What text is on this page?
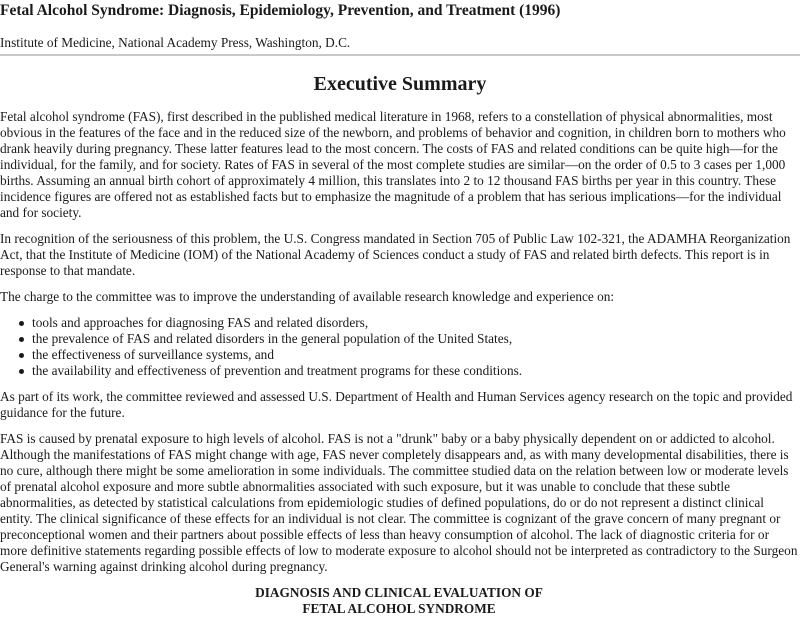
Fetal Alcohol Syndrome: Diagnosis, Epidemiology, Prevention, and Treatment (1996)

Institute of Medicine, National Academy Press, Washington, D.C.

Executive Summary

Fetal alcohol syndrome (FAS), first described in the published medical literature in 1968, refers to a constellation of physical abnormalities, most obvious in the features of the face and in the reduced size of the newborn, and problems of behavior and cognition, in children born to mothers who drank heavily during pregnancy. These latter features lead to the most concern. The costs of FAS and related conditions can be quite high—for the individual, for the family, and for society. Rates of FAS in several of the most complete studies are similar—on the order of 0.5 to 3 cases per 1,000 births. Assuming an annual birth cohort of approximately 4 million, this translates into 2 to 12 thousand FAS births per year in this country. These incidence figures are offered not as established facts but to emphasize the magnitude of a problem that has serious implications—for the individual and for society.

In recognition of the seriousness of this problem, the U.S. Congress mandated in Section 705 of Public Law 102-321, the ADAMHA Reorganization Act, that the Institute of Medicine (IOM) of the National Academy of Sciences conduct a study of FAS and related birth defects. This report is in response to that mandate.

The charge to the committee was to improve the understanding of available research knowledge and experience on:

tools and approaches for diagnosing FAS and related disorders,
the prevalence of FAS and related disorders in the general population of the United States,
the effectiveness of surveillance systems, and
the availability and effectiveness of prevention and treatment programs for these conditions.

As part of its work, the committee reviewed and assessed U.S. Department of Health and Human Services agency research on the topic and provided guidance for the future.

FAS is caused by prenatal exposure to high levels of alcohol. FAS is not a "drunk" baby or a baby physically dependent on or addicted to alcohol. Although the manifestations of FAS might change with age, FAS never completely disappears and, as with many developmental disabilities, there is no cure, although there might be some amelioration in some individuals. The committee studied data on the relation between low or moderate levels of prenatal alcohol exposure and more subtle abnormalities associated with such exposure, but it was unable to conclude that these subtle abnormalities, as detected by statistical calculations from epidemiologic studies of defined populations, do or do not represent a distinct clinical entity. The clinical significance of these effects for an individual is not clear. The committee is cognizant of the grave concern of many pregnant or preconceptional women and their partners about possible effects of less than heavy consumption of alcohol. The lack of diagnostic criteria for or more definitive statements regarding possible effects of low to moderate exposure to alcohol should not be interpreted as contradictory to the Surgeon General's warning against drinking alcohol during pregnancy.

DIAGNOSIS AND CLINICAL EVALUATION OF
FETAL ALCOHOL SYNDROME
